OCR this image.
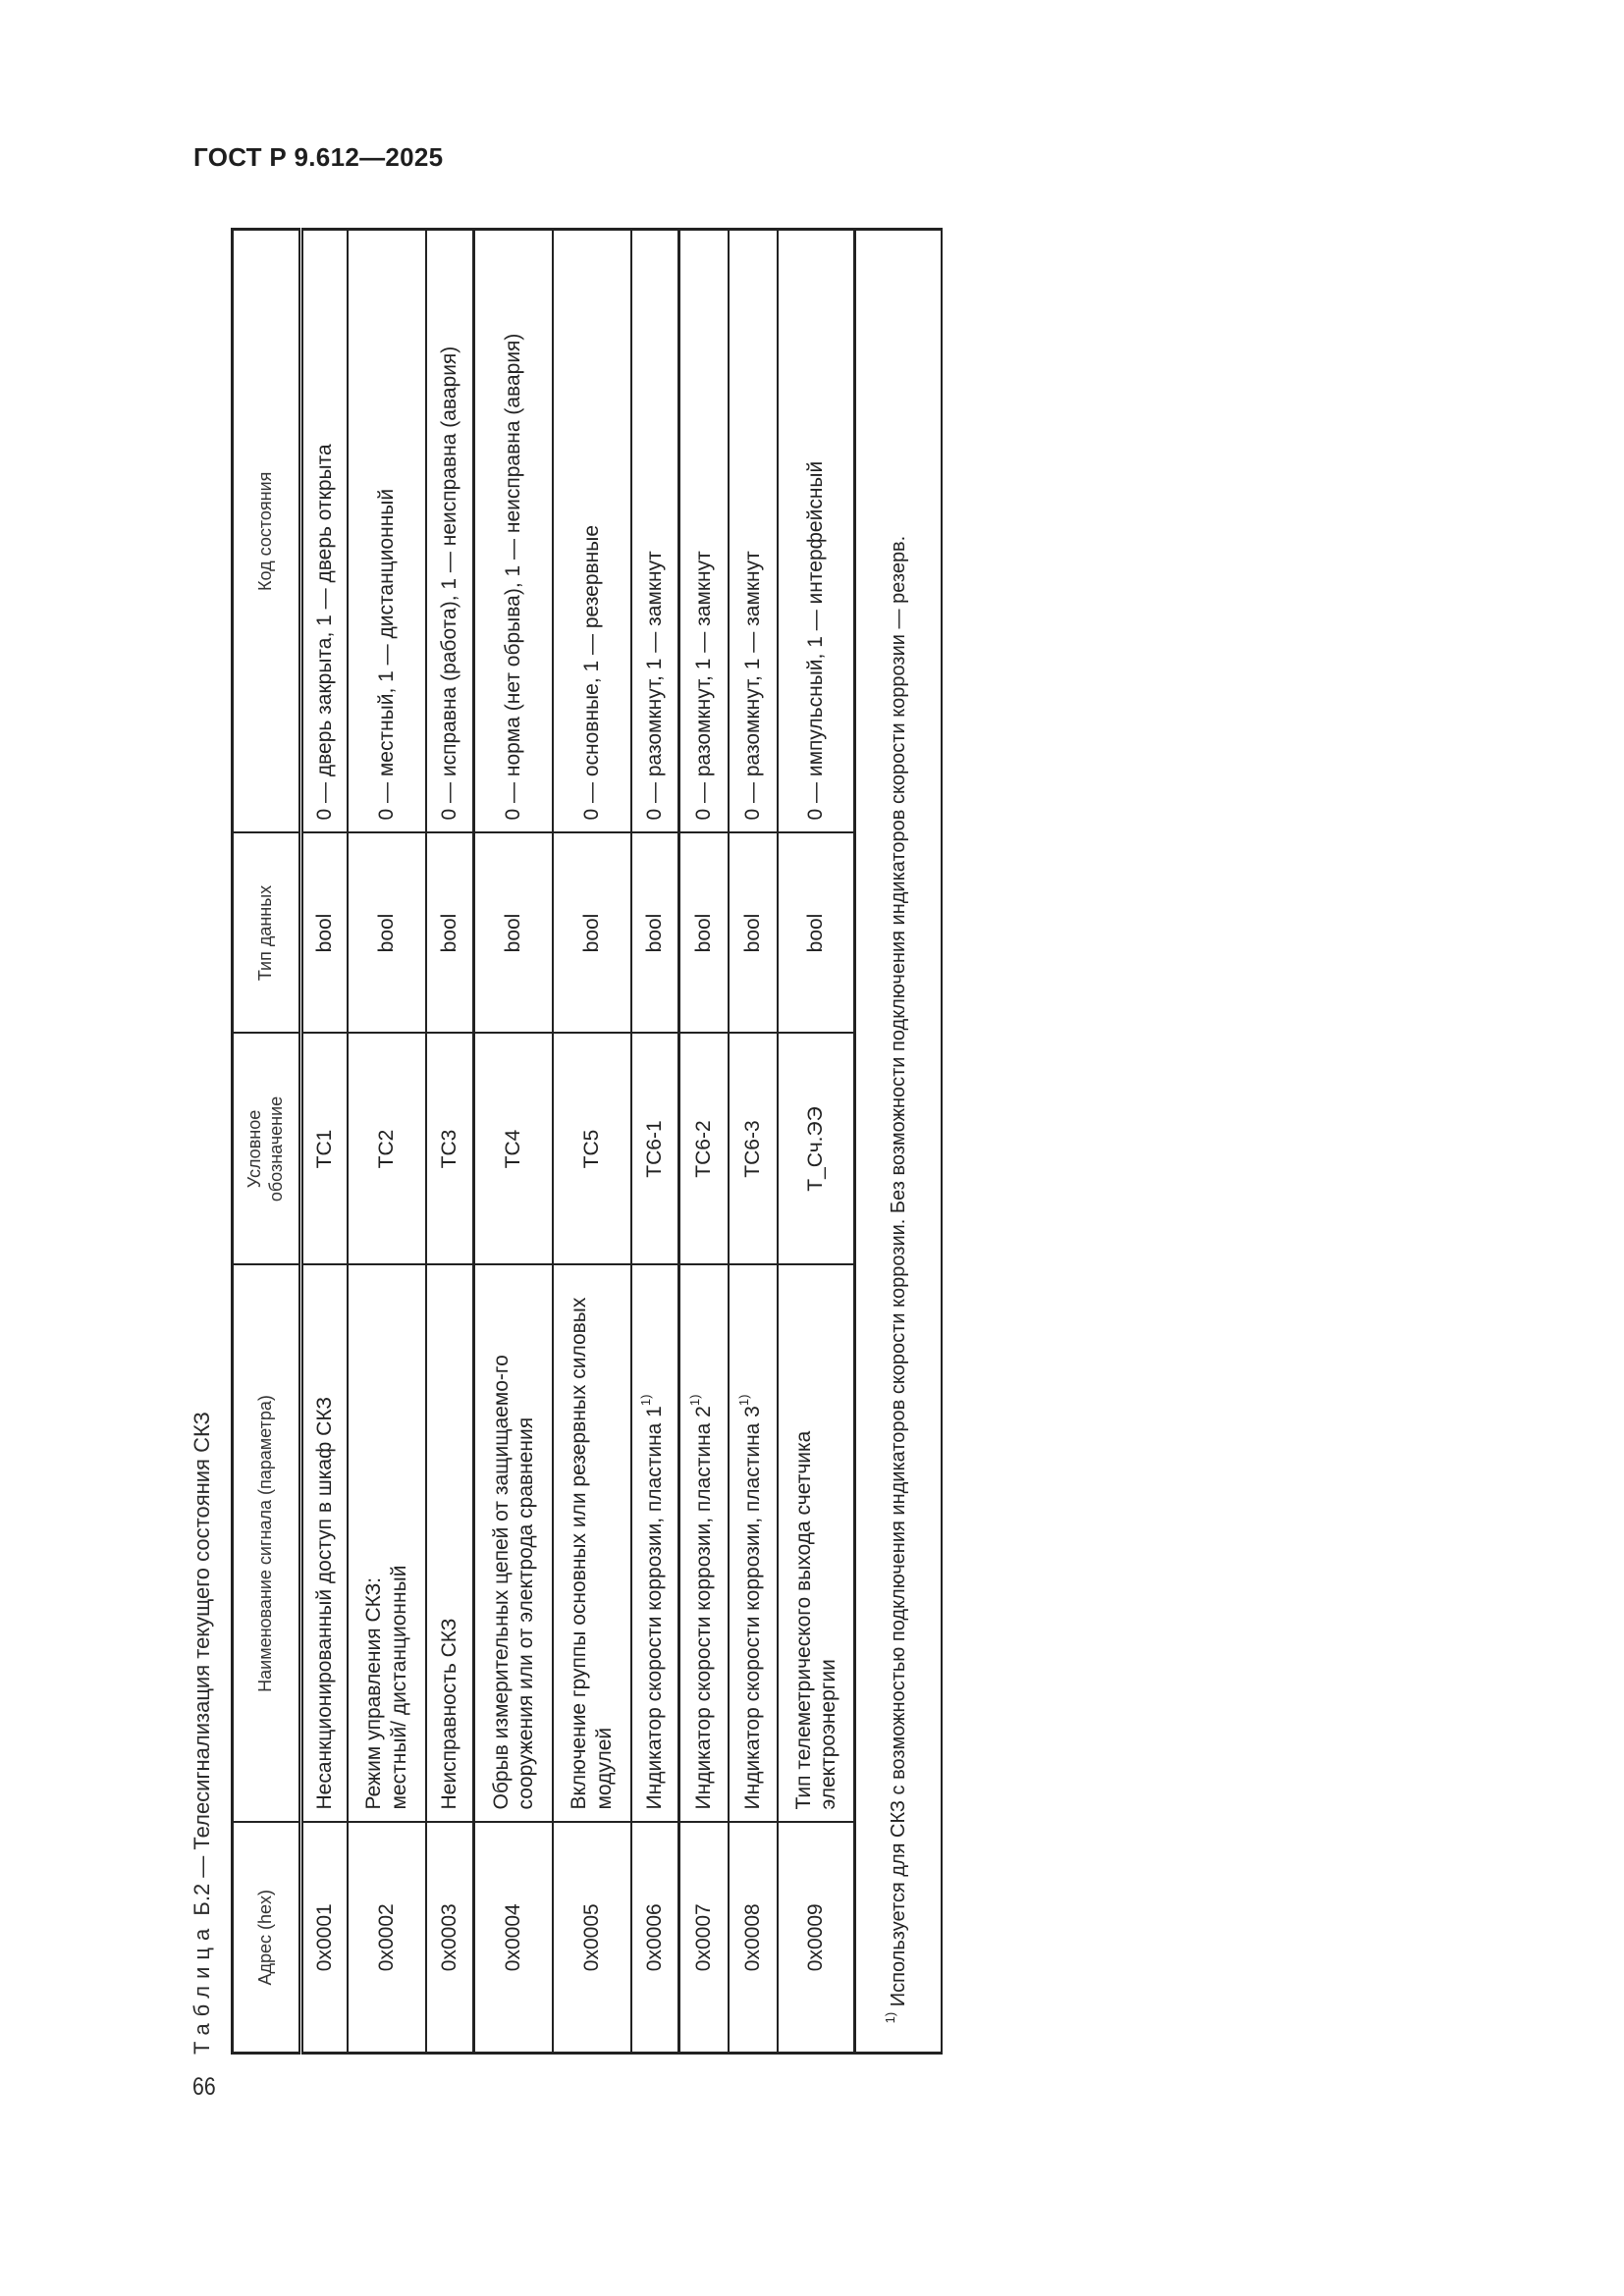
ГОСТ Р 9.612—2025
Таблица Б.2 — Телесигнализация текущего состояния СКЗ
Адрес (hex)	Наименование сигнала (параметра)	Условное обозначение	Тип данных	Код состояния
0x0001	Несанкционированный доступ в шкаф СКЗ	ТС1	bool	0 — дверь закрыта, 1 — дверь открыта
0x0002	Режим управления СКЗ: местный/ дистанционный	ТС2	bool	0 — местный, 1 — дистанционный
0x0003	Неисправность СКЗ	ТС3	bool	0 — исправна (работа), 1 — неисправна (авария)
0x0004	Обрыв измерительных цепей от защищаемо-го сооружения или от электрода сравнения	ТС4	bool	0 — норма (нет обрыва), 1 — неисправна (авария)
0x0005	Включение группы основных или резервных силовых модулей	ТС5	bool	0 — основные, 1 — резервные
0x0006	Индикатор скорости коррозии, пластина 1$^{1)}$	ТС6-1	bool	0 — разомкнут, 1 — замкнут
0x0007	Индикатор скорости коррозии, пластина 2$^{1)}$	ТС6-2	bool	0 — разомкнут, 1 — замкнут
0x0008	Индикатор скорости коррозии, пластина 3$^{1)}$	ТС6-3	bool	0 — разомкнут, 1 — замкнут
0x0009	Тип телеметрического выхода счетчика электроэнергии	Т_Сч.ЭЭ	bool	0 — импульсный, 1 — интерфейсный
$^{1)}$ Используется для СКЗ с возможностью подключения индикаторов скорости коррозии. Без возможности подключения индикаторов скорости коррозии — резерв.				
66
